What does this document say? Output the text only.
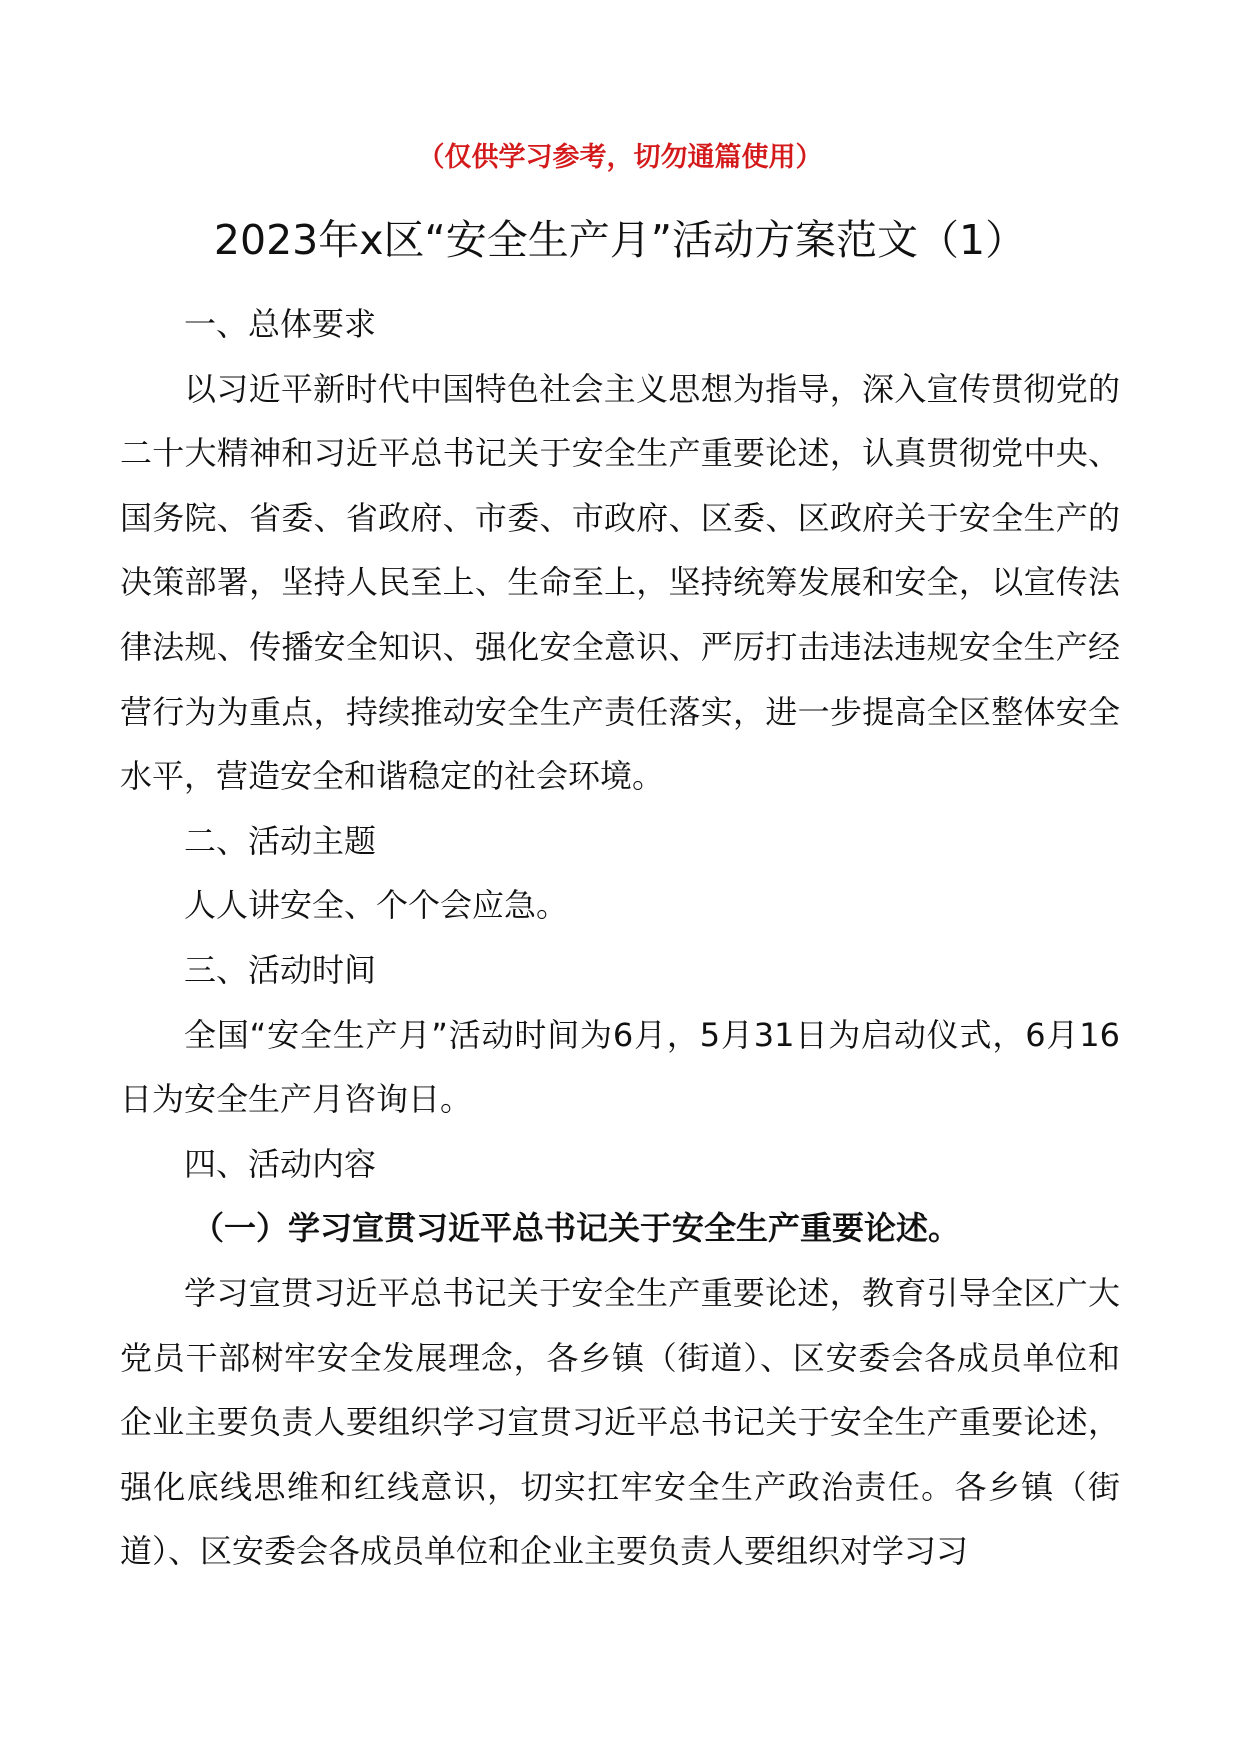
（仅供学习参考，切勿通篇使用）
2023年x区“安全生产月”活动方案范文（1）

一、总体要求

以习近平新时代中国特色社会主义思想为指导，深入宣传贯彻党的二十大精神和习近平总书记关于安全生产重要论述，认真贯彻党中央、国务院、省委、省政府、市委、市政府、区委、区政府关于安全生产的决策部署，坚持人民至上、生命至上，坚持统筹发展和安全，以宣传法律法规、传播安全知识、强化安全意识、严厉打击违法违规安全生产经营行为为重点，持续推动安全生产责任落实，进一步提高全区整体安全水平，营造安全和谐稳定的社会环境。

二、活动主题

人人讲安全、个个会应急。

三、活动时间

全国“安全生产月”活动时间为6月，5月31日为启动仪式，6月16日为安全生产月咨询日。

四、活动内容

（一）学习宣贯习近平总书记关于安全生产重要论述。

学习宣贯习近平总书记关于安全生产重要论述，教育引导全区广大党员干部树牢安全发展理念，各乡镇（街道）、区安委会各成员单位和企业主要负责人要组织学习宣贯习近平总书记关于安全生产重要论述，强化底线思维和红线意识，切实扛牢安全生产政治责任。各乡镇（街道）、区安委会各成员单位和企业主要负责人要组织对学习习
